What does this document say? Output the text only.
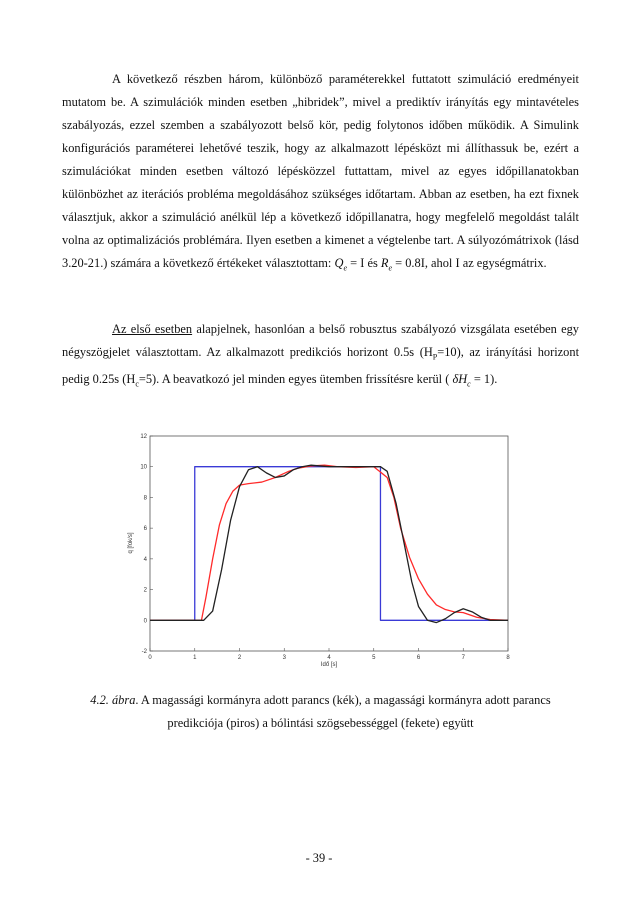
A következő részben három, különböző paraméterekkel futtatott szimuláció eredményeit mutatom be. A szimulációk minden esetben „hibridek”, mivel a prediktív irányítás egy mintavételes szabályozás, ezzel szemben a szabályozott belső kör, pedig folytonos időben működik. A Simulink konfigurációs paraméterei lehetővé teszik, hogy az alkalmazott lépésközt mi állíthassuk be, ezért a szimulációkat minden esetben változó lépésközzel futtattam, mivel az egyes időpillanatokban különbözhet az iterációs probléma megoldásához szükséges időtartam. Abban az esetben, ha ezt fixnek választjuk, akkor a szimuláció anélkül lép a következő időpillanatra, hogy megfelelő megoldást talált volna az optimalizációs problémára. Ilyen esetben a kimenet a végtelenbe tart. A súlyozómátrixok (lásd 3.20-21.) számára a következő értékeket választottam: $Q_e = I$ és $R_e = 0.8I$, ahol I az egységmátrix.

Az első esetben alapjelnek, hasonlóan a belső robusztus szabályozó vizsgálata esetében egy négyszögjelet választottam. Az alkalmazott predikciós horizont 0.5s $(H_P=10)$, az irányítási horizont pedig 0.25s $(H_c=5)$. A beavatkozó jel minden egyes ütemben frissítésre kerül ( $\delta H_c = 1$).

0	1	2	3	4	5	6	7	8
-2
0
2
4
6
8
10
12
Idő [s]
q [fok/s]
4.2. ábra. A magassági kormányra adott parancs (kék), a magassági kormányra adott parancs
predikciója (piros) a bólintási szögsebességgel (fekete) együtt
- 39 -
